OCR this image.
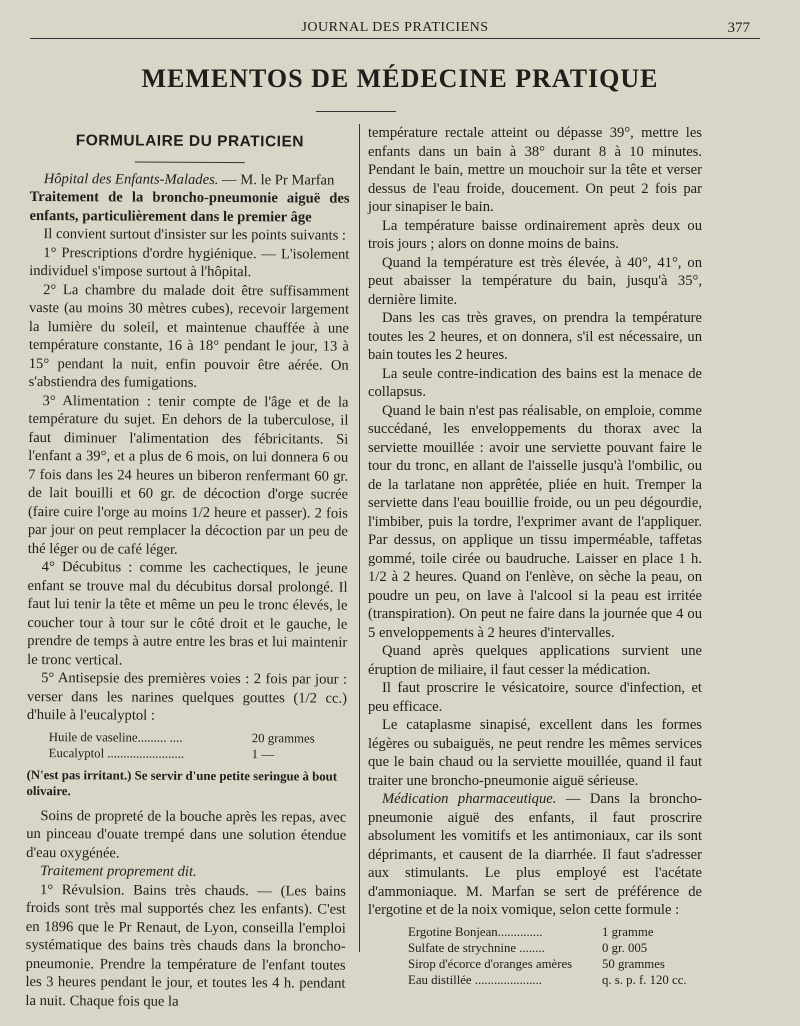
JOURNAL DES PRATICIENS	377
MEMENTOS DE MÉDECINE PRATIQUE
FORMULAIRE DU PRATICIEN

Hôpital des Enfants-Malades. — M. le Pr Marfan

Traitement de la broncho-pneumonie aiguë des enfants, particulièrement dans le premier âge

Il convient surtout d'insister sur les points suivants :

1° Prescriptions d'ordre hygiénique. — L'isolement individuel s'impose surtout à l'hôpital.

2° La chambre du malade doit être suffisamment vaste (au moins 30 mètres cubes), recevoir largement la lumière du soleil, et maintenue chauffée à une température constante, 16 à 18° pendant le jour, 13 à 15° pendant la nuit, enfin pouvoir être aérée. On s'abstiendra des fumigations.

3° Alimentation : tenir compte de l'âge et de la température du sujet. En dehors de la tuberculose, il faut diminuer l'alimentation des fébricitants. Si l'enfant a 39°, et a plus de 6 mois, on lui donnera 6 ou 7 fois dans les 24 heures un biberon renfermant 60 gr. de lait bouilli et 60 gr. de décoction d'orge sucrée (faire cuire l'orge au moins 1/2 heure et passer). 2 fois par jour on peut remplacer la décoction par un peu de thé léger ou de café léger.

4° Décubitus : comme les cachectiques, le jeune enfant se trouve mal du décubitus dorsal prolongé. Il faut lui tenir la tête et même un peu le tronc élevés, le coucher tour à tour sur le côté droit et le gauche, le prendre de temps à autre entre les bras et lui maintenir le tronc vertical.

5° Antisepsie des premières voies : 2 fois par jour : verser dans les narines quelques gouttes (1/2 cc.) d'huile à l'eucalyptol :

Huile de vaseline......... ....	20 grammes
Eucalyptol ........................	1 —
(N'est pas irritant.) Se servir d'une petite seringue à bout olivaire.

Soins de propreté de la bouche après les repas, avec un pinceau d'ouate trempé dans une solution étendue d'eau oxygénée.

Traitement proprement dit.

1° Révulsion. Bains très chauds. — (Les bains froids sont très mal supportés chez les enfants). C'est en 1896 que le Pr Renaut, de Lyon, conseilla l'emploi systématique des bains très chauds dans la broncho-pneumonie. Prendre la température de l'enfant toutes les 3 heures pendant le jour, et toutes les 4 h. pendant la nuit. Chaque fois que la

température rectale atteint ou dépasse 39°, mettre les enfants dans un bain à 38° durant 8 à 10 minutes. Pendant le bain, mettre un mouchoir sur la tête et verser dessus de l'eau froide, doucement. On peut 2 fois par jour sinapiser le bain.

La température baisse ordinairement après deux ou trois jours ; alors on donne moins de bains.

Quand la température est très élevée, à 40°, 41°, on peut abaisser la température du bain, jusqu'à 35°, dernière limite.

Dans les cas très graves, on prendra la température toutes les 2 heures, et on donnera, s'il est nécessaire, un bain toutes les 2 heures.

La seule contre-indication des bains est la menace de collapsus.

Quand le bain n'est pas réalisable, on emploie, comme succédané, les enveloppements du thorax avec la serviette mouillée : avoir une serviette pouvant faire le tour du tronc, en allant de l'aisselle jusqu'à l'ombilic, ou de la tarlatane non apprêtée, pliée en huit. Tremper la serviette dans l'eau bouillie froide, ou un peu dégourdie, l'imbiber, puis la tordre, l'exprimer avant de l'appliquer. Par dessus, on applique un tissu imperméable, taffetas gommé, toile cirée ou baudruche. Laisser en place 1 h. 1/2 à 2 heures. Quand on l'enlève, on sèche la peau, on poudre un peu, on lave à l'alcool si la peau est irritée (transpiration). On peut ne faire dans la journée que 4 ou 5 enveloppements à 2 heures d'intervalles.

Quand après quelques applications survient une éruption de miliaire, il faut cesser la médication.

Il faut proscrire le vésicatoire, source d'infection, et peu efficace.

Le cataplasme sinapisé, excellent dans les formes légères ou subaiguës, ne peut rendre les mêmes services que le bain chaud ou la serviette mouillée, quand il faut traiter une broncho-pneumonie aiguë sérieuse.

Médication pharmaceutique. — Dans la broncho-pneumonie aiguë des enfants, il faut proscrire absolument les vomitifs et les antimoniaux, car ils sont déprimants, et causent de la diarrhée. Il faut s'adresser aux stimulants. Le plus employé est l'acétate d'ammoniaque. M. Marfan se sert de préférence de l'ergotine et de la noix vomique, selon cette formule :

Ergotine Bonjean..............	1 gramme
Sulfate de strychnine ........	0 gr. 005
Sirop d'écorce d'oranges amères	50 grammes
Eau distillée .....................	q. s. p. f. 120 cc.
